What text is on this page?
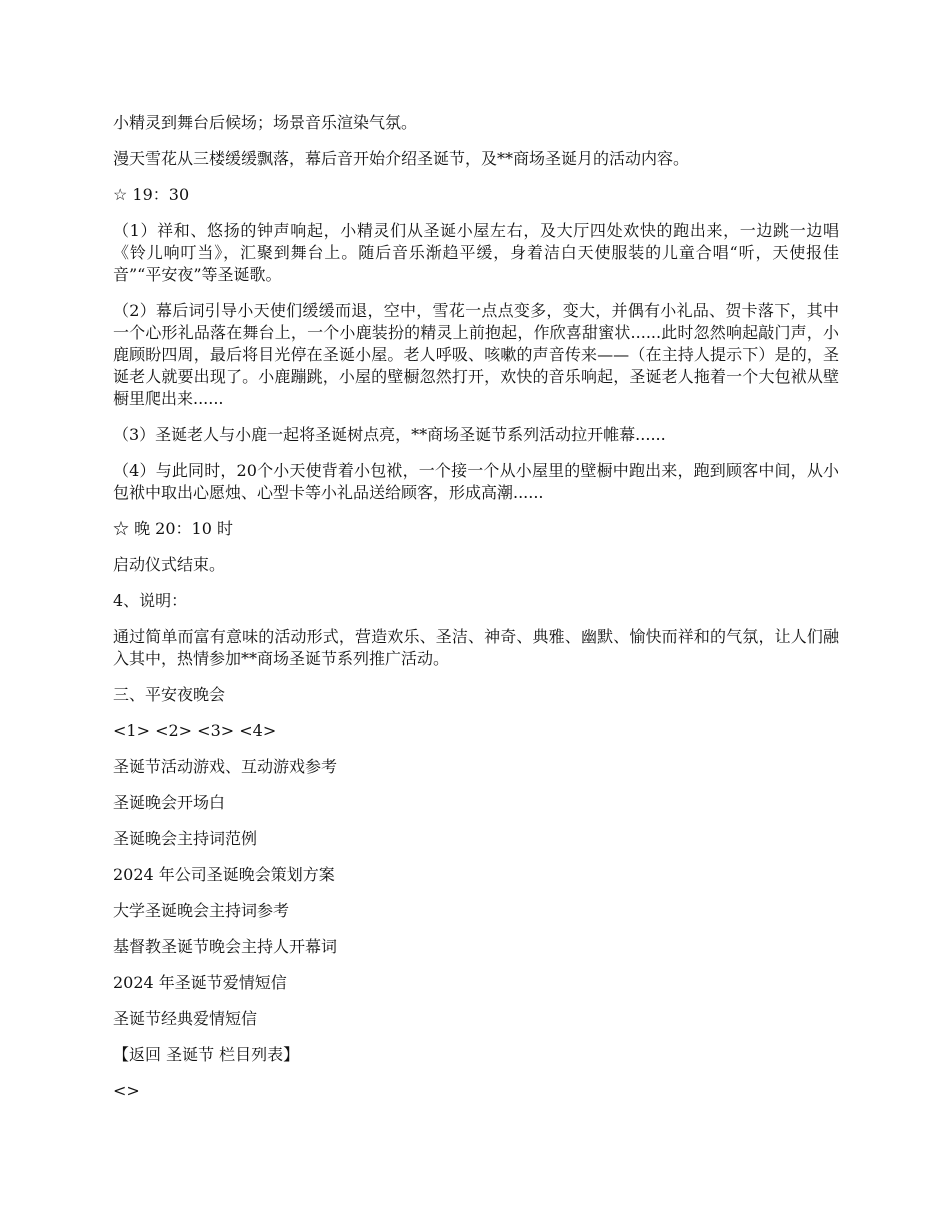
小精灵到舞台后候场；场景音乐渲染气氛。

漫天雪花从三楼缓缓飘落，幕后音开始介绍圣诞节，及**商场圣诞月的活动内容。

☆ 19：30

（1）祥和、悠扬的钟声响起，小精灵们从圣诞小屋左右，及大厅四处欢快的跑出来，一边跳一边唱《铃儿响叮当》，汇聚到舞台上。随后音乐渐趋平缓，身着洁白天使服装的儿童合唱“听，天使报佳音”“平安夜”等圣诞歌。

（2）幕后词引导小天使们缓缓而退，空中，雪花一点点变多，变大，并偶有小礼品、贺卡落下，其中一个心形礼品落在舞台上，一个小鹿装扮的精灵上前抱起，作欣喜甜蜜状......此时忽然响起敲门声，小鹿顾盼四周，最后将目光停在圣诞小屋。老人呼吸、咳嗽的声音传来——（在主持人提示下）是的，圣诞老人就要出现了。小鹿蹦跳，小屋的壁橱忽然打开，欢快的音乐响起，圣诞老人拖着一个大包袱从壁橱里爬出来......

（3）圣诞老人与小鹿一起将圣诞树点亮，**商场圣诞节系列活动拉开帷幕......

（4）与此同时，20个小天使背着小包袱，一个接一个从小屋里的壁橱中跑出来，跑到顾客中间，从小包袱中取出心愿烛、心型卡等小礼品送给顾客，形成高潮......

☆ 晚 20：10 时

启动仪式结束。

4、说明：

通过简单而富有意味的活动形式，营造欢乐、圣洁、神奇、典雅、幽默、愉快而祥和的气氛，让人们融入其中，热情参加**商场圣诞节系列推广活动。

三、平安夜晚会

<1> <2> <3> <4>

圣诞节活动游戏、互动游戏参考

圣诞晚会开场白

圣诞晚会主持词范例

2024 年公司圣诞晚会策划方案

大学圣诞晚会主持词参考

基督教圣诞节晚会主持人开幕词

2024 年圣诞节爱情短信

圣诞节经典爱情短信

【返回 圣诞节 栏目列表】

<>
